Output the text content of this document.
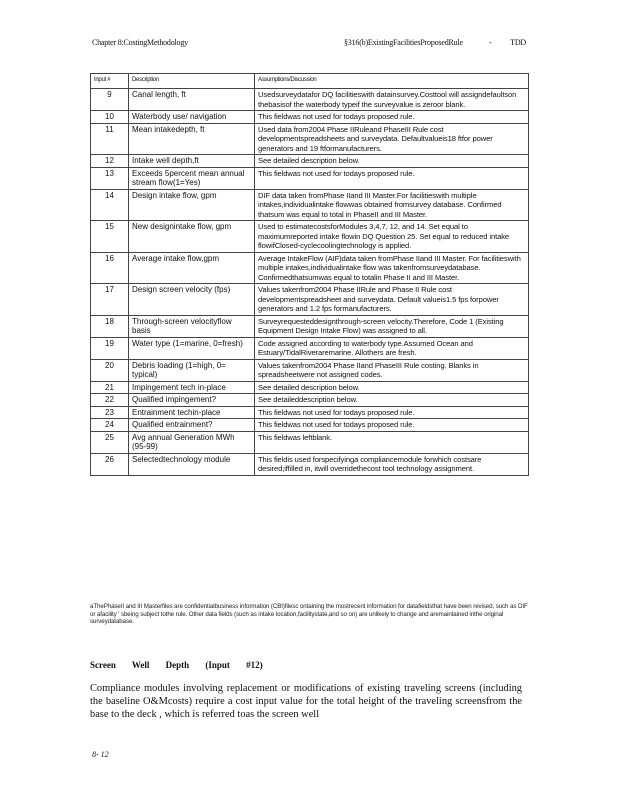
Chapter 8:CostingMethodology	§316(b)ExistingFacilitiesProposedRule	- TDD
Input #	Description	Assumptions/Discussion
9	Canal length, ft	Usedsurveydatafor DQ facilitieswith datainsurvey.Costtool will assigndefaultson thebasisof the waterbody typeif the surveyvalue is zeroor blank.
10	Waterbody use/ navigation	This fieldwas not used for todays proposed rule.
11	Mean intakedepth, ft	Used data from2004 Phase IIRuleand PhaseIII Rule cost developmentspreadsheets and surveydata. Defaultvalueis18 ftfor power generators and 19 ftformanufacturers.
12	Intake well depth,ft	See detailed description below.
13	Exceeds 5percent mean annual stream flow(1=Yes)	This fieldwas not used for todays proposed rule.
14	Design intake flow, gpm	DIF data taken fromPhase IIand III Master.For facilitieswith multiple intakes,individualintake flowwas obtained fromsurvey database. Confirmed thatsum was equal to total in PhaseII and III Master.
15	New designintake flow, gpm	Used to estimatecostsforModules 3,4,7, 12, and 14. Set equal to maximumreported intake flowin DQ Question 25. Set equal to reduced intake flowifClosed-cyclecoolingtechnology is applied.
16	Average intake flow,gpm	Average IntakeFlow (AIF)data taken fromPhase IIand III Master. For facilitieswith multiple intakes,individualintake flow was takenfromsurveydatabase. Confirmedthatsumwas equal to totalin Phase II and III Master.
17	Design screen velocity (fps)	Values takenfrom2004 Phase IIRule and Phase II Rule cost developmentspreadsheet and surveydata. Default valueis1.5 fps forpower generators and 1.2 fps formanufacturers.
18	Through-screen velocityflow basis	Surveyrequesteddesignthrough-screen velocity.Therefore, Code 1 (Existing Equipment Design Intake Flow) was assigned to all.
19	Water type (1=marine, 0=fresh)	Code assigned according to waterbody type.Assumed Ocean and Estuary/TidalRiveraremarine. Allothers are fresh.
20	Debris loading (1=high, 0= typical)	Values takenfrom2004 Phase IIand PhaseIII Rule costing. Blanks in spreadsheetwere not assigned codes.
21	Impingement tech in-place	See detailed description below.
22	Qualified impingement?	See detaileddescription below.
23	Entrainment techin-place	This fieldwas not used for todays proposed rule.
24	Qualified entrainment?	This fieldwas not used for todays proposed rule.
25	Avg annual Generation MWh (95-99)	This fieldwas leftblank.
26	Selectedtechnology module	This fieldis used forspecifyinga compliancemodule forwhich costsare desired;iffilled in, itwill overridethecost tool technology assignment.
aThePhaseII and III Masterfiles are confidentialbusiness information (CBI)filesc ontaining the mostrecent information for datafieldsthat have been revised, such as DIF or afacility ' sbeing subject tothe rule. Other data fields (such as intake location,facilitystate,and so on) are unlikely to change and aremaintained inthe original surveydatabase.
Screen Well Depth (Input #12)
Compliance modules involving replacement or modifications of existing traveling screens (including the baseline O&Mcosts) require a cost input value for the total height of the traveling screensfrom the base to the deck , which is referred toas the screen well
8- 12
